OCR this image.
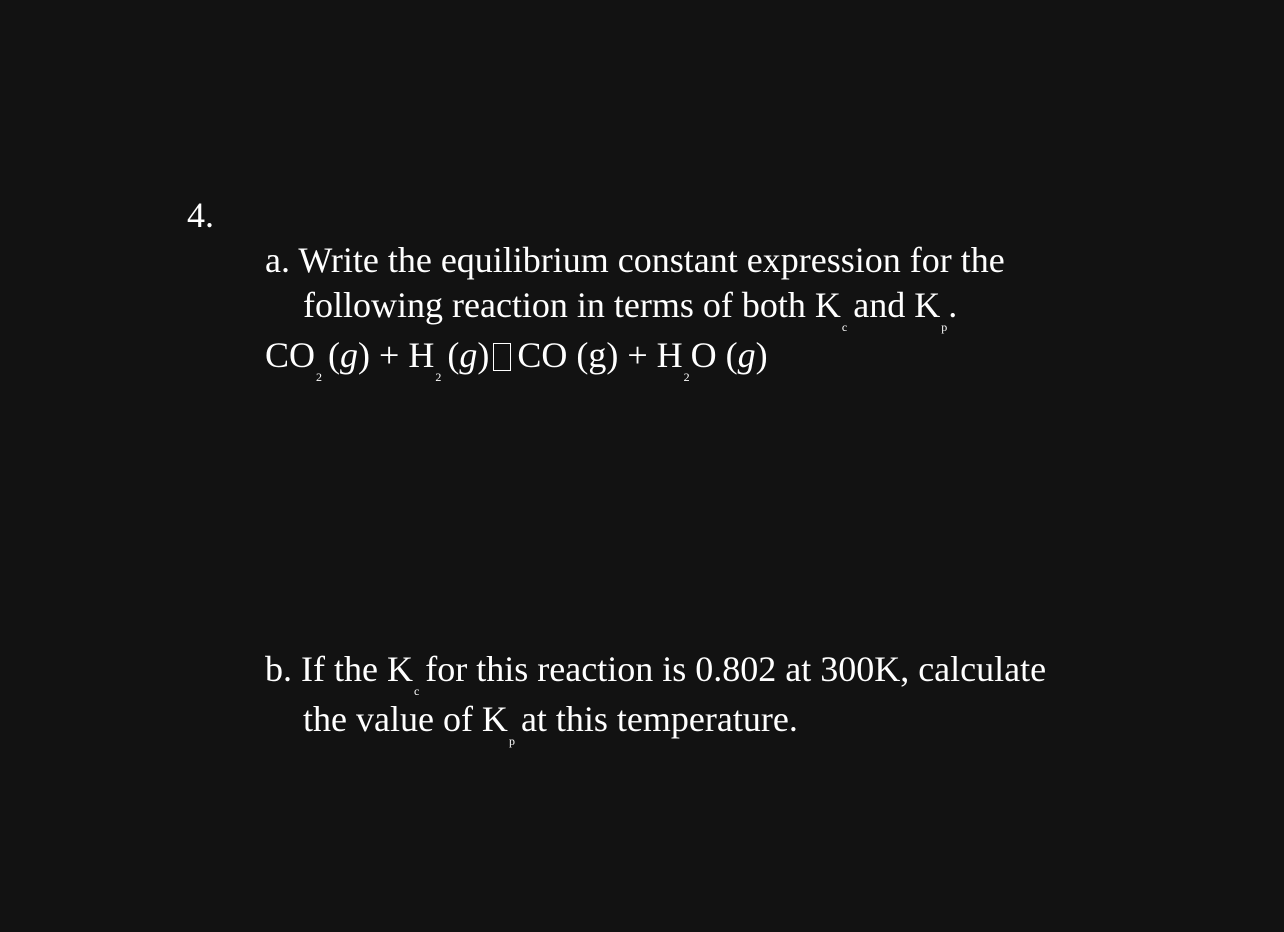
4.
a. Write the equilibrium constant expression for the
following reaction in terms of both Kcand Kp.
CO2(g) + H2(g) CO (g) + H2O (g)
b. If the Kcfor this reaction is 0.802 at 300K, calculate
the value of Kpat this temperature.
